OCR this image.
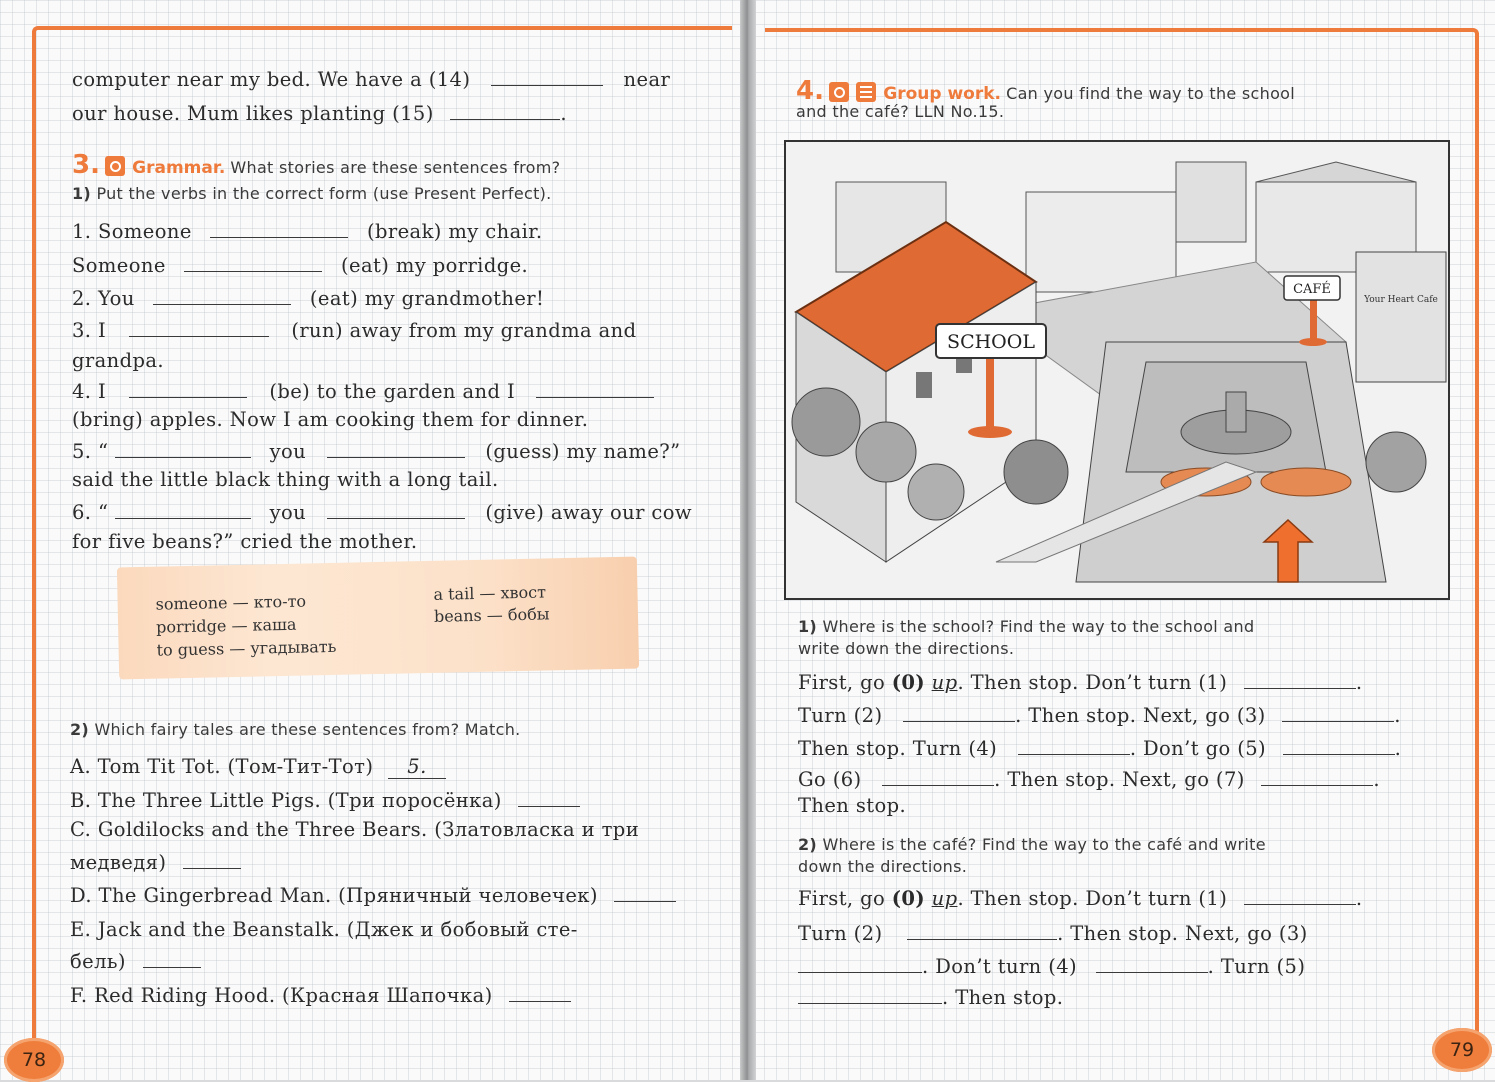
computer near my bed. We have a (14)	near
our house. Mum likes planting (15)	.
3. Grammar. What stories are these sentences from?
1) Put the verbs in the correct form (use Present Perfect).
1. Someone	(break) my chair.
Someone	(eat) my porridge.
2. You	(eat) my grandmother!
3. I	(run) away from my grandma and
grandpa.
4. I	(be) to the garden and I
(bring) apples. Now I am cooking them for dinner.
5. “	you	(guess) my name?”
said the little black thing with a long tail.
6. “	you	(give) away our cow
for five beans?” cried the mother.
someone — кто-то
porridge — каша
to guess — угадывать
a tail — хвост
beans — бобы
2) Which fairy tales are these sentences from? Match.
A. Tom Tit Tot. (Том-Тит-Тот) 5.
B. The Three Little Pigs. (Три поросёнка)
C. Goldilocks and the Three Bears. (Златовласка и три
медведя)
D. The Gingerbread Man. (Пряничный человечек)
E. Jack and the Beanstalk. (Джек и бобовый сте-
бель)
F. Red Riding Hood. (Красная Шапочка)
78
4.	Group work. Can you find the way to the school
and the café? LLN No.15.
SCHOOL
CAFÉ
Your Heart Cafe
1) Where is the school? Find the way to the school and
write down the directions.
First, go (0) up. Then stop. Don’t turn (1)	.
Turn (2)	. Then stop. Next, go (3)	.
Then stop. Turn (4)	. Don’t go (5)	.
Go (6)	. Then stop. Next, go (7)	.
Then stop.
2) Where is the café? Find the way to the café and write
down the directions.
First, go (0) up. Then stop. Don’t turn (1)	.
Turn (2)	. Then stop. Next, go (3)
. Don’t turn (4)	. Turn (5)
. Then stop.
79
